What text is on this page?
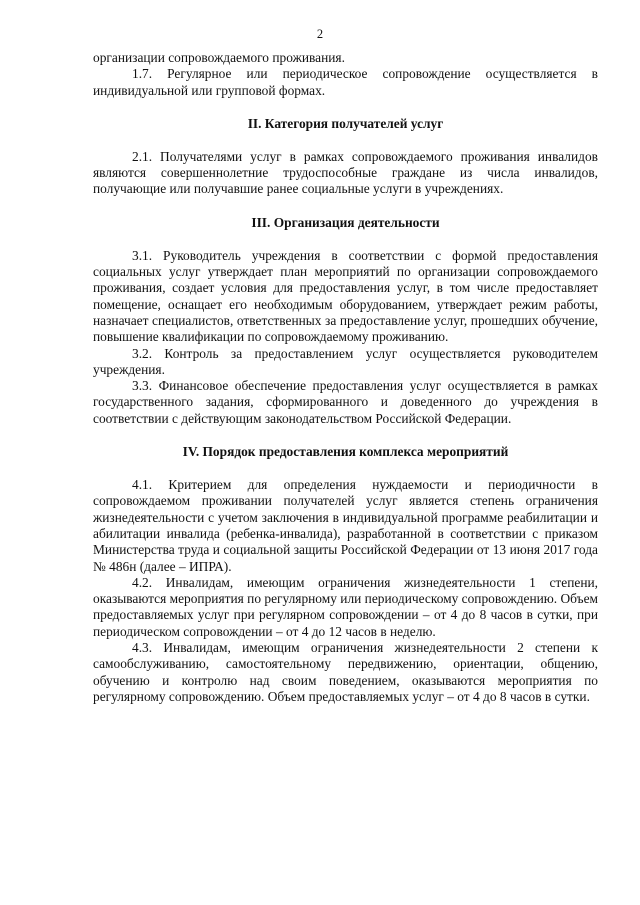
2

организации сопровождаемого проживания.

1.7. Регулярное или периодическое сопровождение осуществляется в индивидуальной или групповой формах.

II. Категория получателей услуг

2.1. Получателями услуг в рамках сопровождаемого проживания инвалидов являются совершеннолетние трудоспособные граждане из числа инвалидов, получающие или получавшие ранее социальные услуги в учреждениях.

III. Организация деятельности

3.1. Руководитель учреждения в соответствии с формой предоставления социальных услуг утверждает план мероприятий по организации сопровождаемого проживания, создает условия для предоставления услуг, в том числе предоставляет помещение, оснащает его необходимым оборудованием, утверждает режим работы, назначает специалистов, ответственных за предоставление услуг, прошедших обучение, повышение квалификации по сопровождаемому проживанию.

3.2. Контроль за предоставлением услуг осуществляется руководителем учреждения.

3.3. Финансовое обеспечение предоставления услуг осуществляется в рамках государственного задания, сформированного и доведенного до учреждения в соответствии с действующим законодательством Российской Федерации.

IV. Порядок предоставления комплекса мероприятий

4.1. Критерием для определения нуждаемости и периодичности в сопровождаемом проживании получателей услуг является степень ограничения жизнедеятельности с учетом заключения в индивидуальной программе реабилитации и абилитации инвалида (ребенка-инвалида), разработанной в соответствии с приказом Министерства труда и социальной защиты Российской Федерации от 13 июня 2017 года № 486н (далее – ИПРА).

4.2. Инвалидам, имеющим ограничения жизнедеятельности 1 степени, оказываются мероприятия по регулярному или периодическому сопровождению. Объем предоставляемых услуг при регулярном сопровождении – от 4 до 8 часов в сутки, при периодическом сопровождении – от 4 до 12 часов в неделю.

4.3. Инвалидам, имеющим ограничения жизнедеятельности 2 степени к самообслуживанию, самостоятельному передвижению, ориентации, общению, обучению и контролю над своим поведением, оказываются мероприятия по регулярному сопровождению. Объем предоставляемых услуг – от 4 до 8 часов в сутки.
